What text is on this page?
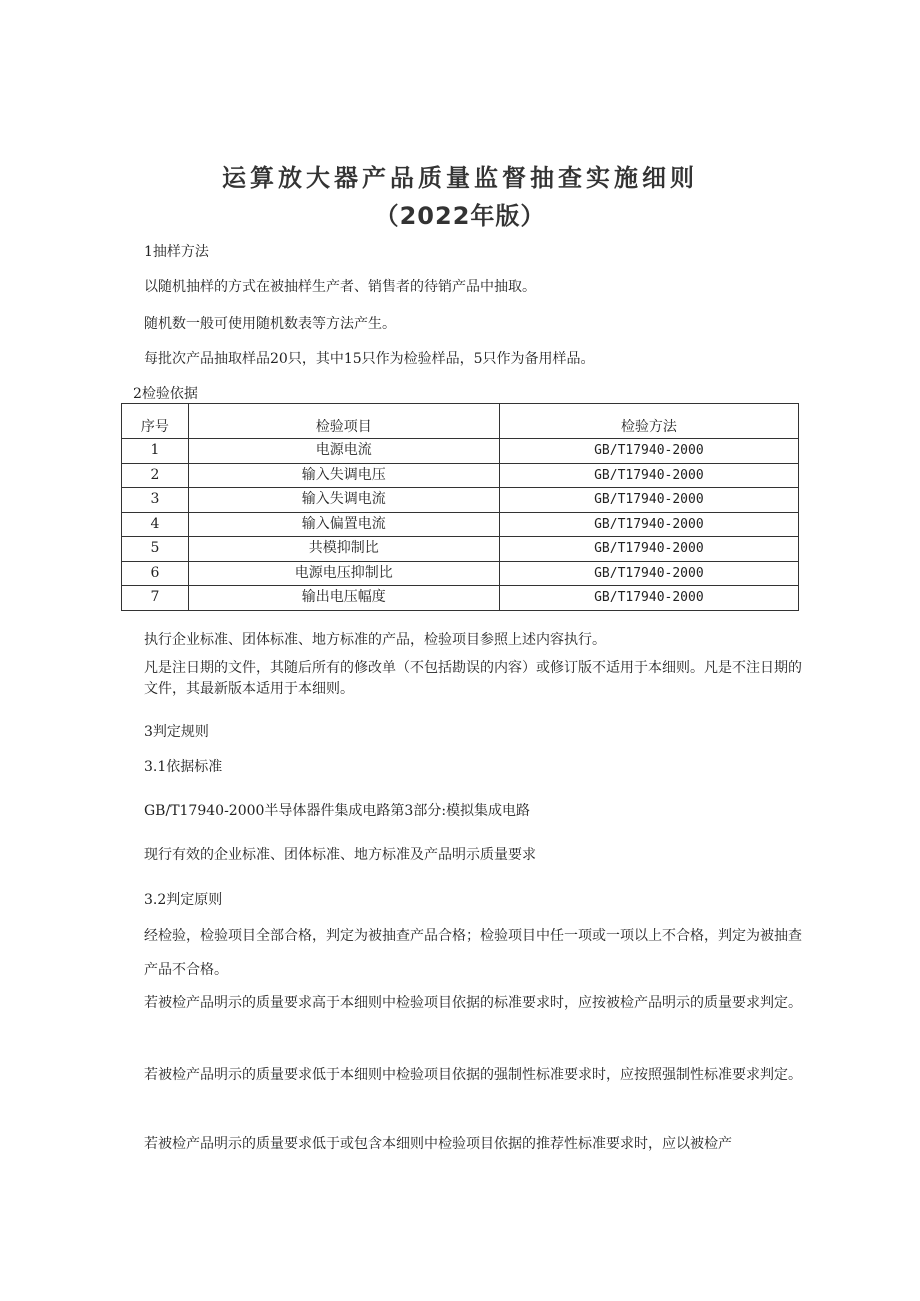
运算放大器产品质量监督抽查实施细则
（2022年版）

1抽样方法

以随机抽样的方式在被抽样生产者、销售者的待销产品中抽取。

随机数一般可使用随机数表等方法产生。

每批次产品抽取样品20只，其中15只作为检验样品，5只作为备用样品。

2检验依据

序号	检验项目	检验方法
1	电源电流	GB/T17940-2000
2	输入失调电压	GB/T17940-2000
3	输入失调电流	GB/T17940-2000
4	输入偏置电流	GB/T17940-2000
5	共模抑制比	GB/T17940-2000
6	电源电压抑制比	GB/T17940-2000
7	输出电压幅度	GB/T17940-2000

执行企业标准、团体标准、地方标准的产品，检验项目参照上述内容执行。

凡是注日期的文件，其随后所有的修改单（不包括勘误的内容）或修订版不适用于本细则。凡是不注日期的文件，其最新版本适用于本细则。

3判定规则

3.1依据标准

GB/T17940-2000半导体器件集成电路第3部分:模拟集成电路

现行有效的企业标准、团体标准、地方标准及产品明示质量要求

3.2判定原则

经检验，检验项目全部合格，判定为被抽查产品合格；检验项目中任一项或一项以上不合格，判定为被抽查产品不合格。

若被检产品明示的质量要求高于本细则中检验项目依据的标准要求时，应按被检产品明示的质量要求判定。

若被检产品明示的质量要求低于本细则中检验项目依据的强制性标准要求时，应按照强制性标准要求判定。

若被检产品明示的质量要求低于或包含本细则中检验项目依据的推荐性标准要求时，应以被检产
